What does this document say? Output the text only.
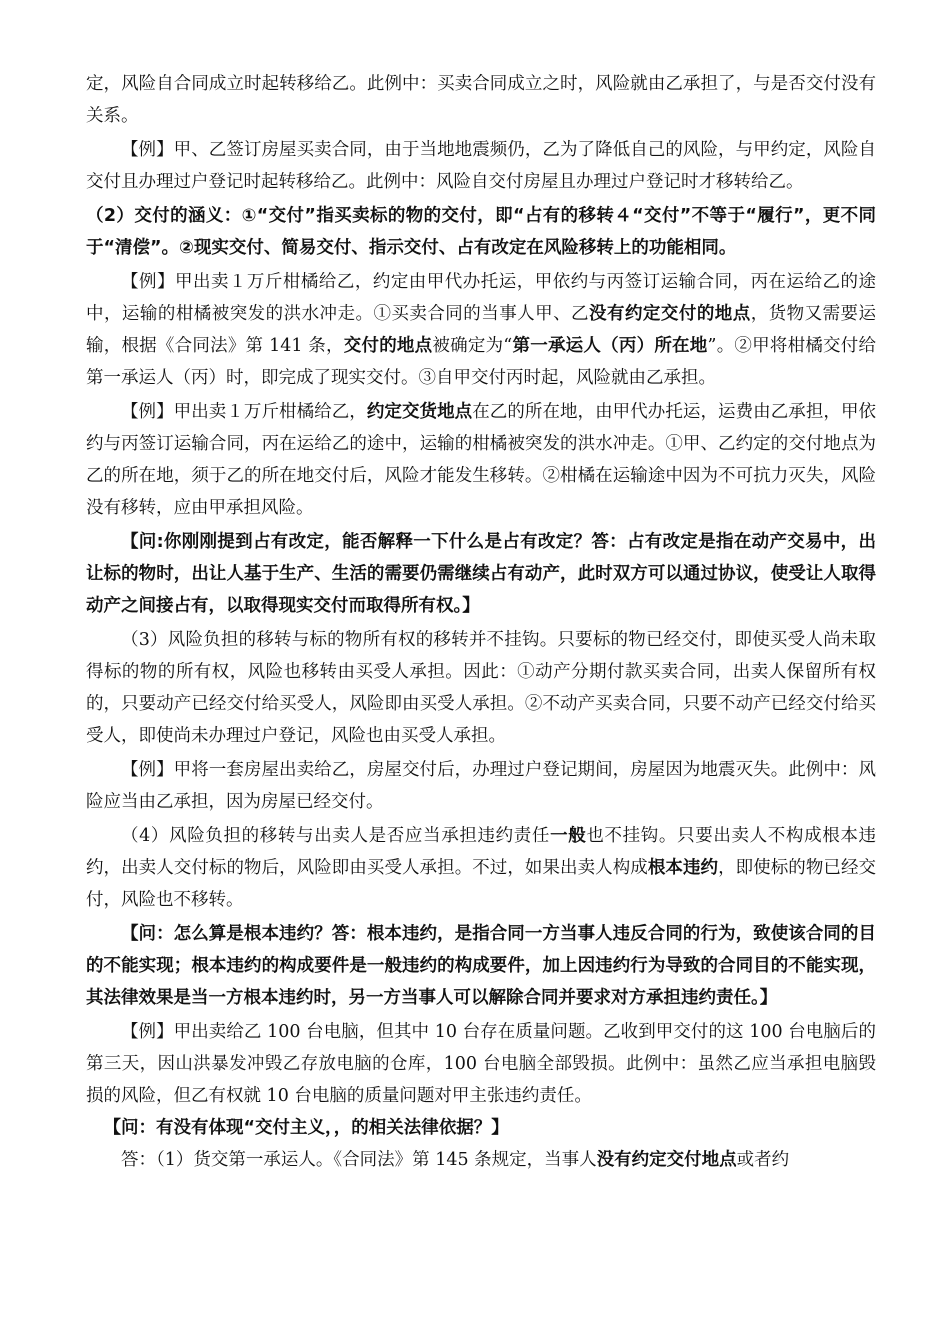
定，风险自合同成立时起转移给乙。此例中：买卖合同成立之时，风险就由乙承担了，与是否交付没有关系。

【例】甲、乙签订房屋买卖合同，由于当地地震频仍，乙为了降低自己的风险，与甲约定，风险自交付且办理过户登记时起转移给乙。此例中：风险自交付房屋且办理过户登记时才移转给乙。

（2）交付的涵义：①“交付”指买卖标的物的交付，即“占有的移转４“交付”不等于“履行”，更不同于“清偿”。②现实交付、简易交付、指示交付、占有改定在风险移转上的功能相同。

【例】甲出卖１万斤柑橘给乙，约定由甲代办托运，甲依约与丙签订运输合同，丙在运给乙的途中，运输的柑橘被突发的洪水冲走。①买卖合同的当事人甲、乙没有约定交付的地点，货物又需要运输，根据《合同法》第 141 条，交付的地点被确定为“第一承运人（丙）所在地”。②甲将柑橘交付给第一承运人（丙）时，即完成了现实交付。③自甲交付丙时起，风险就由乙承担。

【例】甲出卖１万斤柑橘给乙，约定交货地点在乙的所在地，由甲代办托运，运费由乙承担，甲依约与丙签订运输合同，丙在运给乙的途中，运输的柑橘被突发的洪水冲走。①甲、乙约定的交付地点为乙的所在地，须于乙的所在地交付后，风险才能发生移转。②柑橘在运输途中因为不可抗力灭失，风险没有移转，应由甲承担风险。

【问:你刚刚提到占有改定，能否解释一下什么是占有改定？答：占有改定是指在动产交易中，出让标的物时，出让人基于生产、生活的需要仍需继续占有动产，此时双方可以通过协议，使受让人取得动产之间接占有，以取得现实交付而取得所有权。】

（3）风险负担的移转与标的物所有权的移转并不挂钩。只要标的物已经交付，即使买受人尚未取得标的物的所有权，风险也移转由买受人承担。因此：①动产分期付款买卖合同，出卖人保留所有权的，只要动产已经交付给买受人，风险即由买受人承担。②不动产买卖合同，只要不动产已经交付给买受人，即使尚未办理过户登记，风险也由买受人承担。

【例】甲将一套房屋出卖给乙，房屋交付后，办理过户登记期间，房屋因为地震灭失。此例中：风险应当由乙承担，因为房屋已经交付。

（4）风险负担的移转与出卖人是否应当承担违约责任一般也不挂钩。只要出卖人不构成根本违约，出卖人交付标的物后，风险即由买受人承担。不过，如果出卖人构成根本违约，即使标的物已经交付，风险也不移转。

【问：怎么算是根本违约？答：根本违约，是指合同一方当事人违反合同的行为，致使该合同的目的不能实现；根本违约的构成要件是一般违约的构成要件，加上因违约行为导致的合同目的不能实现，其法律效果是当一方根本违约时，另一方当事人可以解除合同并要求对方承担违约责任。】

【例】甲出卖给乙 100 台电脑，但其中 10 台存在质量问题。乙收到甲交付的这 100 台电脑后的第三天，因山洪暴发冲毁乙存放电脑的仓库，100 台电脑全部毁损。此例中：虽然乙应当承担电脑毁损的风险，但乙有权就 10 台电脑的质量问题对甲主张违约责任。

【问：有没有体现“交付主义，，的相关法律依据？】

答：（1）货交第一承运人。《合同法》第 145 条规定，当事人没有约定交付地点或者约
